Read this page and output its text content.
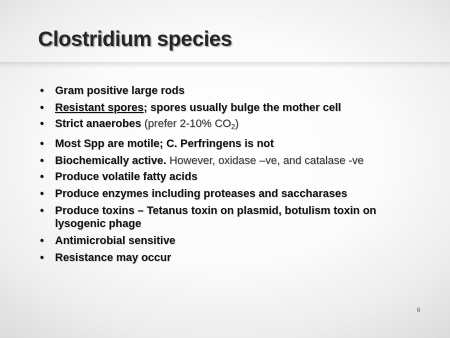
Clostridium species
• Gram positive large rods
• Resistant spores; spores usually bulge the mother cell
• Strict anaerobes (prefer 2-10% $CO_2$)
• Most Spp are motile; C. Perfringens is not
• Biochemically active. However, oxidase –ve, and catalase -ve
• Produce volatile fatty acids
• Produce enzymes including proteases and saccharases
• Produce toxins – Tetanus toxin on plasmid, botulism toxin on lysogenic phage
• Antimicrobial sensitive
• Resistance may occur
6
